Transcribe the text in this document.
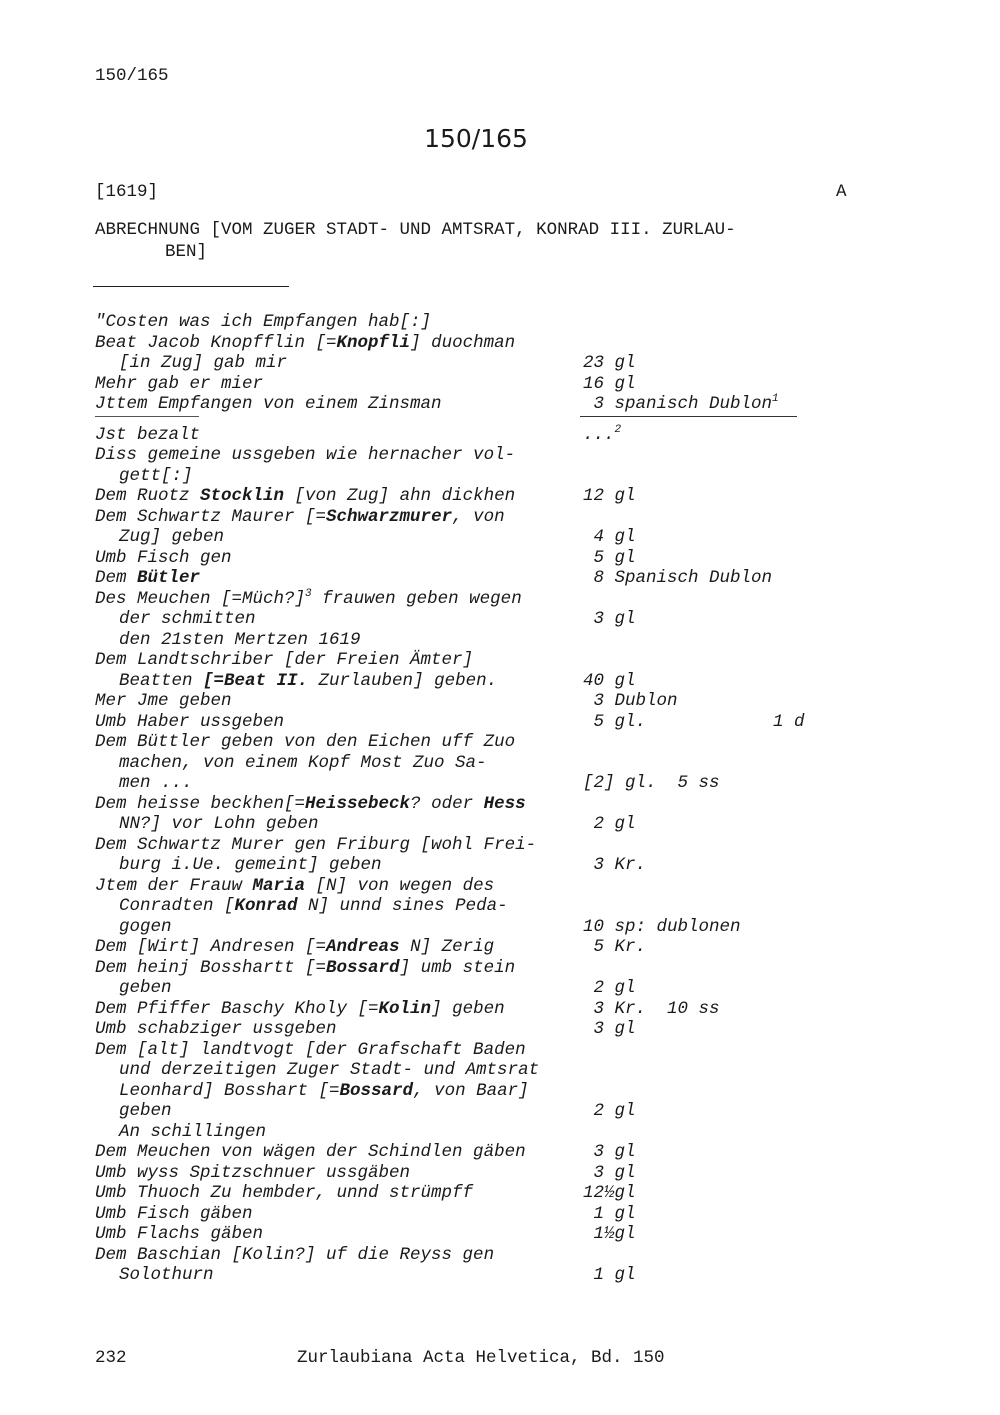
150/165
150/165
[1619]	A
ABRECHNUNG [VOM ZUGER STADT- UND AMTSRAT, KONRAD III. ZURLAU-
BEN]
"Costen was ich Empfangen hab[:]
Beat Jacob Knopfflin [=Knopfli] duochman
[in Zug] gab mir	23 gl
Mehr gab er mier	16 gl
Jttem Empfangen von einem Zinsman	3 spanisch Dublon$^1$
Jst bezalt	...$^2$
Diss gemeine ussgeben wie hernacher vol-
gett[:]
Dem Ruotz Stocklin [von Zug] ahn dickhen	12 gl
Dem Schwartz Maurer [=Schwarzmurer, von
Zug] geben	4 gl
Umb Fisch gen	5 gl
Dem Bütler	8 Spanisch Dublon
Des Meuchen [=Müch?]$^3$ frauwen geben wegen
der schmitten	3 gl
den 21sten Mertzen 1619
Dem Landtschriber [der Freien Ämter]
Beatten [=Beat II. Zurlauben] geben.	40 gl
Mer Jme geben	3 Dublon
Umb Haber ussgeben	5 gl.	1 d
Dem Büttler geben von den Eichen uff Zuo
machen, von einem Kopf Most Zuo Sa-
men ...	[2] gl.  5 ss
Dem heisse beckhen[=Heissebeck? oder Hess
NN?] vor Lohn geben	2 gl
Dem Schwartz Murer gen Friburg [wohl Frei-
burg i.Ue. gemeint] geben	3 Kr.
Jtem der Frauw Maria [N] von wegen des
Conradten [Konrad N] unnd sines Peda-
gogen	10 sp: dublonen
Dem [Wirt] Andresen [=Andreas N] Zerig	5 Kr.
Dem heinj Bosshartt [=Bossard] umb stein
geben	2 gl
Dem Pfiffer Baschy Kholy [=Kolin] geben	3 Kr.  10 ss
Umb schabziger ussgeben	3 gl
Dem [alt] landtvogt [der Grafschaft Baden
und derzeitigen Zuger Stadt- und Amtsrat
Leonhard] Bosshart [=Bossard, von Baar]
geben	2 gl
An schillingen
Dem Meuchen von wägen der Schindlen gäben	3 gl
Umb wyss Spitzschnuer ussgäben	3 gl
Umb Thuoch Zu hembder, unnd strümpff	12½gl
Umb Fisch gäben	1 gl
Umb Flachs gäben	1½gl
Dem Baschian [Kolin?] uf die Reyss gen
Solothurn	1 gl
232	Zurlaubiana Acta Helvetica, Bd. 150
